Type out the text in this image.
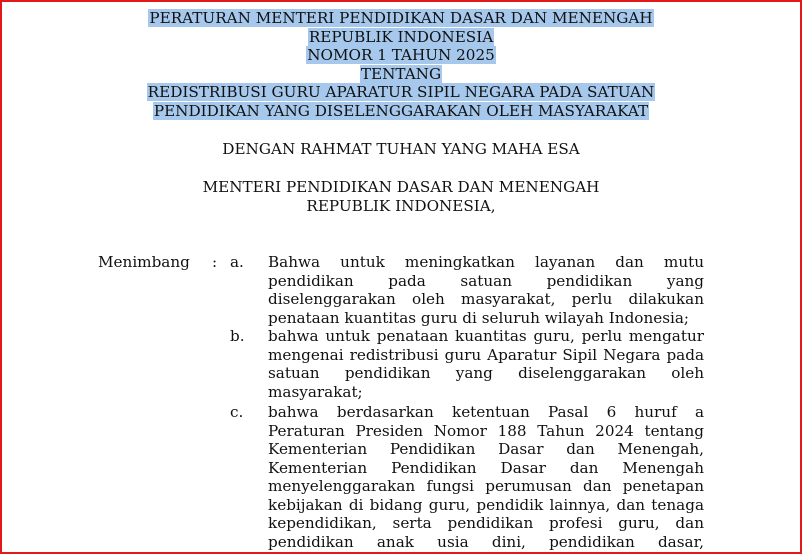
PERATURAN MENTERI PENDIDIKAN DASAR DAN MENENGAH
REPUBLIK INDONESIA
NOMOR 1 TAHUN 2025
TENTANG
REDISTRIBUSI GURU APARATUR SIPIL NEGARA PADA SATUAN
PENDIDIKAN YANG DISELENGGARAKAN OLEH MASYARAKAT
DENGAN RAHMAT TUHAN YANG MAHA ESA
MENTERI PENDIDIKAN DASAR DAN MENENGAH
REPUBLIK INDONESIA,
Menimbang : a. Bahwa untuk meningkatkan layanan dan mutu
pendidikan pada satuan pendidikan yang
diselenggarakan oleh masyarakat, perlu dilakukan
penataan kuantitas guru di seluruh wilayah Indonesia;
b. bahwa untuk penataan kuantitas guru, perlu mengatur
mengenai redistribusi guru Aparatur Sipil Negara pada
satuan pendidikan yang diselenggarakan oleh
masyarakat;
c. bahwa berdasarkan ketentuan Pasal 6 huruf a
Peraturan Presiden Nomor 188 Tahun 2024 tentang
Kementerian Pendidikan Dasar dan Menengah,
Kementerian Pendidikan Dasar dan Menengah
menyelenggarakan fungsi perumusan dan penetapan
kebijakan di bidang guru, pendidik lainnya, dan tenaga
kependidikan, serta pendidikan profesi guru, dan
pendidikan anak usia dini, pendidikan dasar,
